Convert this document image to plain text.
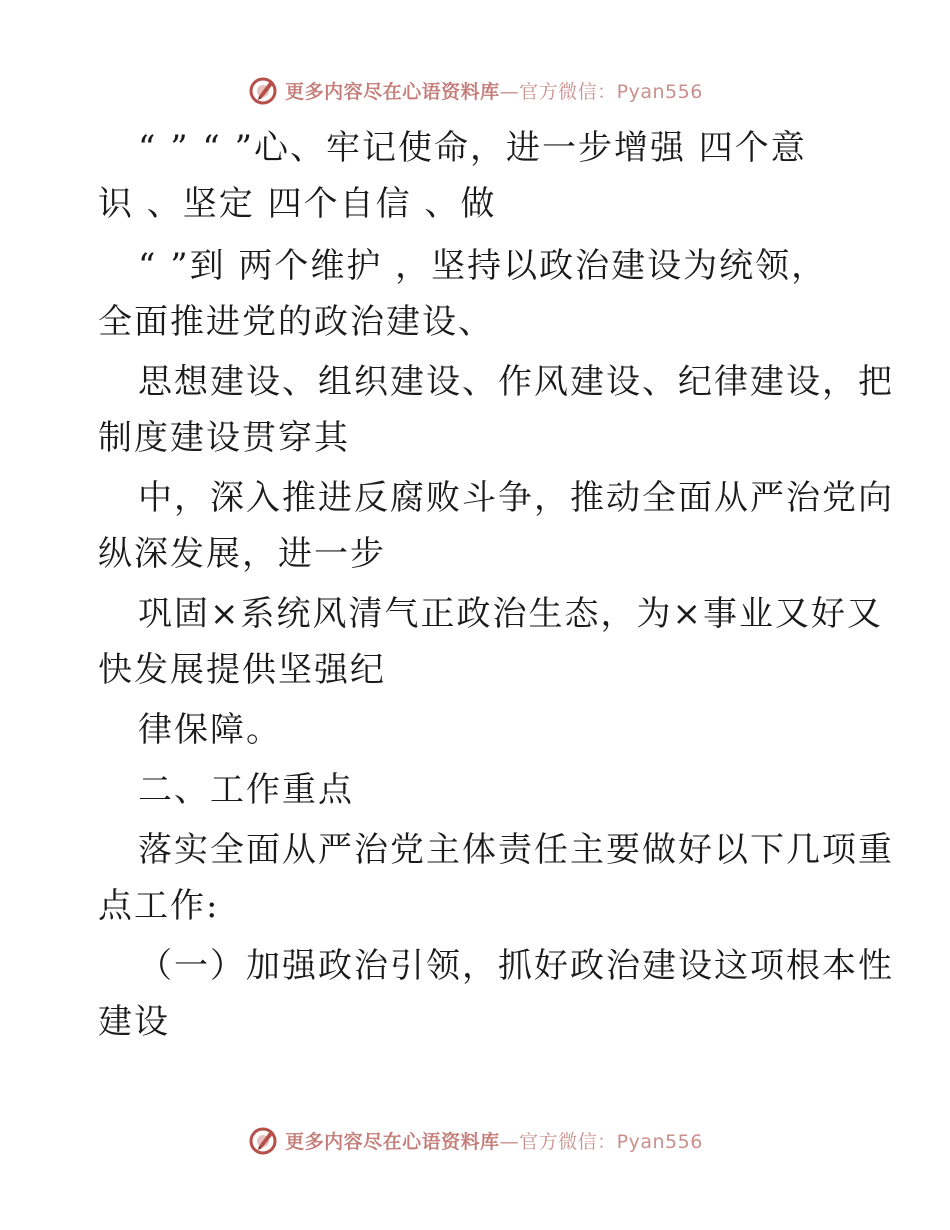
更多内容尽在心语资料库—官方微信：Pyan556
“ ” “ ”心、牢记使命，进一步增强 四个意
识 、坚定 四个自信 、做
“ ”到 两个维护 ，坚持以政治建设为统领，
全面推进党的政治建设、
思想建设、组织建设、作风建设、纪律建设，把
制度建设贯穿其
中，深入推进反腐败斗争，推动全面从严治党向
纵深发展，进一步
巩固×系统风清气正政治生态，为×事业又好又
快发展提供坚强纪
律保障。
二、工作重点
落实全面从严治党主体责任主要做好以下几项重
点工作:
（一）加强政治引领，抓好政治建设这项根本性
建设
更多内容尽在心语资料库—官方微信：Pyan556
